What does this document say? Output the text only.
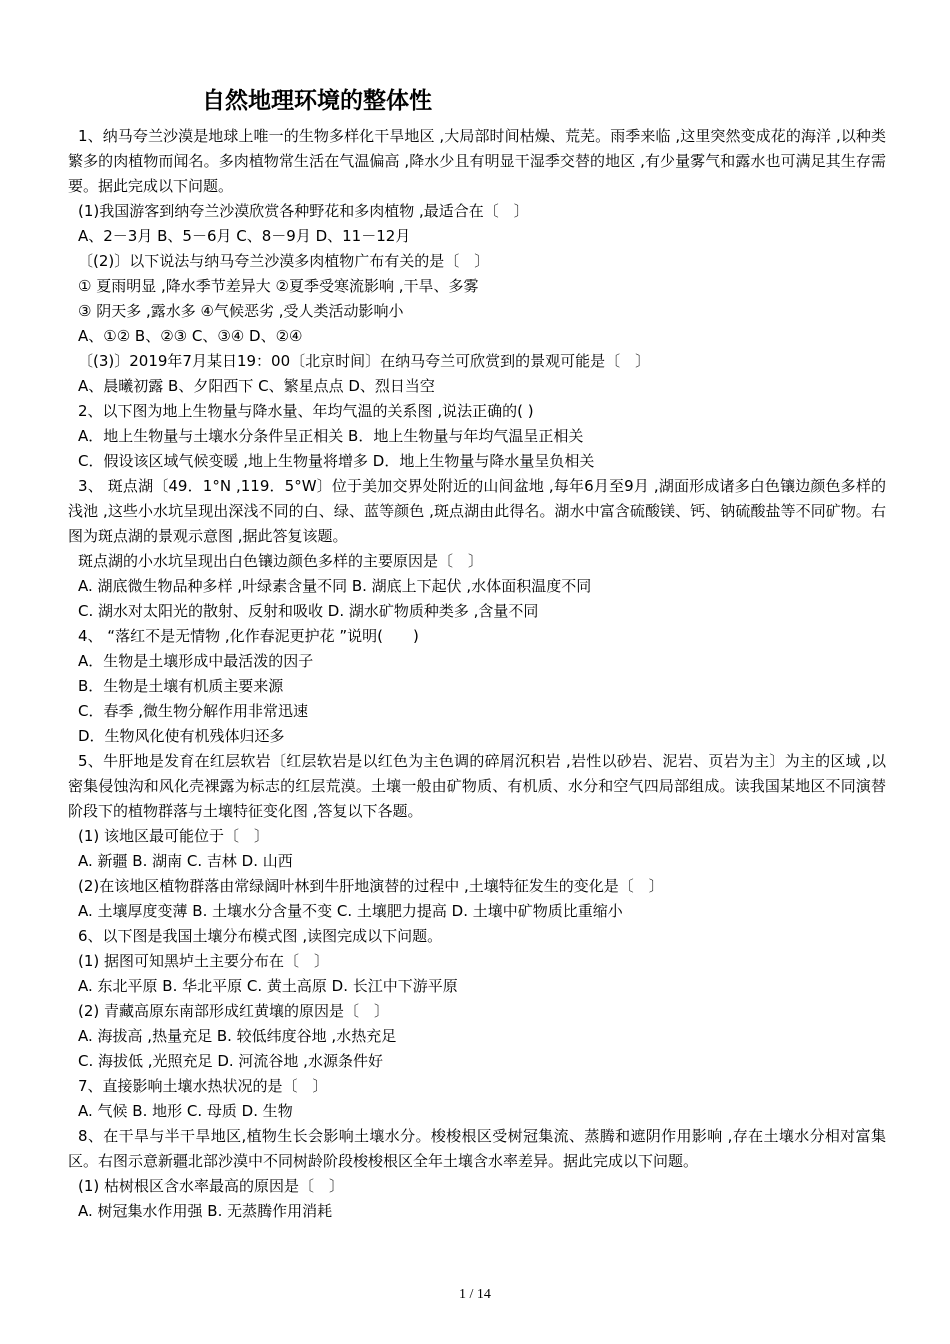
自然地理环境的整体性
1、纳马夸兰沙漠是地球上唯一的生物多样化干旱地区 ,大局部时间枯燥、荒芜。雨季来临 ,这里突然变成花的海洋 ,以种类繁多的肉植物而闻名。多肉植物常生活在气温偏高 ,降水少且有明显干湿季交替的地区 ,有少量雾气和露水也可满足其生存需要。据此完成以下问题。
(1)我国游客到纳夸兰沙漠欣赏各种野花和多肉植物 ,最适合在〔　〕
A、2－3月 B、5－6月 C、8－9月 D、11－12月
〔(2)〕以下说法与纳马夸兰沙漠多肉植物广布有关的是〔　〕
① 夏雨明显 ,降水季节差异大 ②夏季受寒流影响 ,干旱、多雾
③ 阴天多 ,露水多 ④气候恶劣 ,受人类活动影响小
A、①② B、②③ C、③④ D、②④
〔(3)〕2019年7月某日19：00〔北京时间〕在纳马夸兰可欣赏到的景观可能是〔　〕
A、晨曦初露 B、夕阳西下 C、繁星点点 D、烈日当空
2、以下图为地上生物量与降水量、年均气温的关系图 ,说法正确的( )
A．地上生物量与土壤水分条件呈正相关 B．地上生物量与年均气温呈正相关
C．假设该区域气候变暖 ,地上生物量将增多 D．地上生物量与降水量呈负相关
3、 斑点湖〔49．1°N ,119．5°W〕位于美加交界处附近的山间盆地 ,每年6月至9月 ,湖面形成诸多白色镶边颜色多样的浅池 ,这些小水坑呈现出深浅不同的白、绿、蓝等颜色 ,斑点湖由此得名。湖水中富含硫酸镁、钙、钠硫酸盐等不同矿物。右图为斑点湖的景观示意图 ,据此答复该题。
斑点湖的小水坑呈现出白色镶边颜色多样的主要原因是〔　〕
A. 湖底微生物品种多样 ,叶绿素含量不同 B. 湖底上下起伏 ,水体面积温度不同
C. 湖水对太阳光的散射、反射和吸收 D. 湖水矿物质种类多 ,含量不同
4、 “落红不是无情物 ,化作春泥更护花 ”说明(　　)
A．生物是土壤形成中最活泼的因子
B．生物是土壤有机质主要来源
C．春季 ,微生物分解作用非常迅速
D．生物风化使有机残体归还多
5、牛肝地是发育在红层软岩〔红层软岩是以红色为主色调的碎屑沉积岩 ,岩性以砂岩、泥岩、页岩为主〕为主的区域 ,以密集侵蚀沟和风化壳裸露为标志的红层荒漠。土壤一般由矿物质、有机质、水分和空气四局部组成。读我国某地区不同演替阶段下的植物群落与土壤特征变化图 ,答复以下各题。
(1) 该地区最可能位于〔　〕
A. 新疆 B. 湖南 C. 吉林 D. 山西
(2)在该地区植物群落由常绿阔叶林到牛肝地演替的过程中 ,土壤特征发生的变化是〔　〕
A. 土壤厚度变薄 B. 土壤水分含量不变 C. 土壤肥力提高 D. 土壤中矿物质比重缩小
6、以下图是我国土壤分布模式图 ,读图完成以下问题。
(1) 据图可知黑垆土主要分布在〔　〕
A. 东北平原 B. 华北平原 C. 黄土高原 D. 长江中下游平原
(2) 青藏高原东南部形成红黄壤的原因是〔　〕
A. 海拔高 ,热量充足 B. 较低纬度谷地 ,水热充足
C. 海拔低 ,光照充足 D. 河流谷地 ,水源条件好
7、直接影响土壤水热状况的是〔　〕
A. 气候 B. 地形 C. 母质 D. 生物
8、在干旱与半干旱地区,植物生长会影响土壤水分。梭梭根区受树冠集流、蒸腾和遮阴作用影响 ,存在土壤水分相对富集区。右图示意新疆北部沙漠中不同树龄阶段梭梭根区全年土壤含水率差异。据此完成以下问题。
(1) 枯树根区含水率最高的原因是〔　〕
A. 树冠集水作用强 B. 无蒸腾作用消耗
1 / 14
